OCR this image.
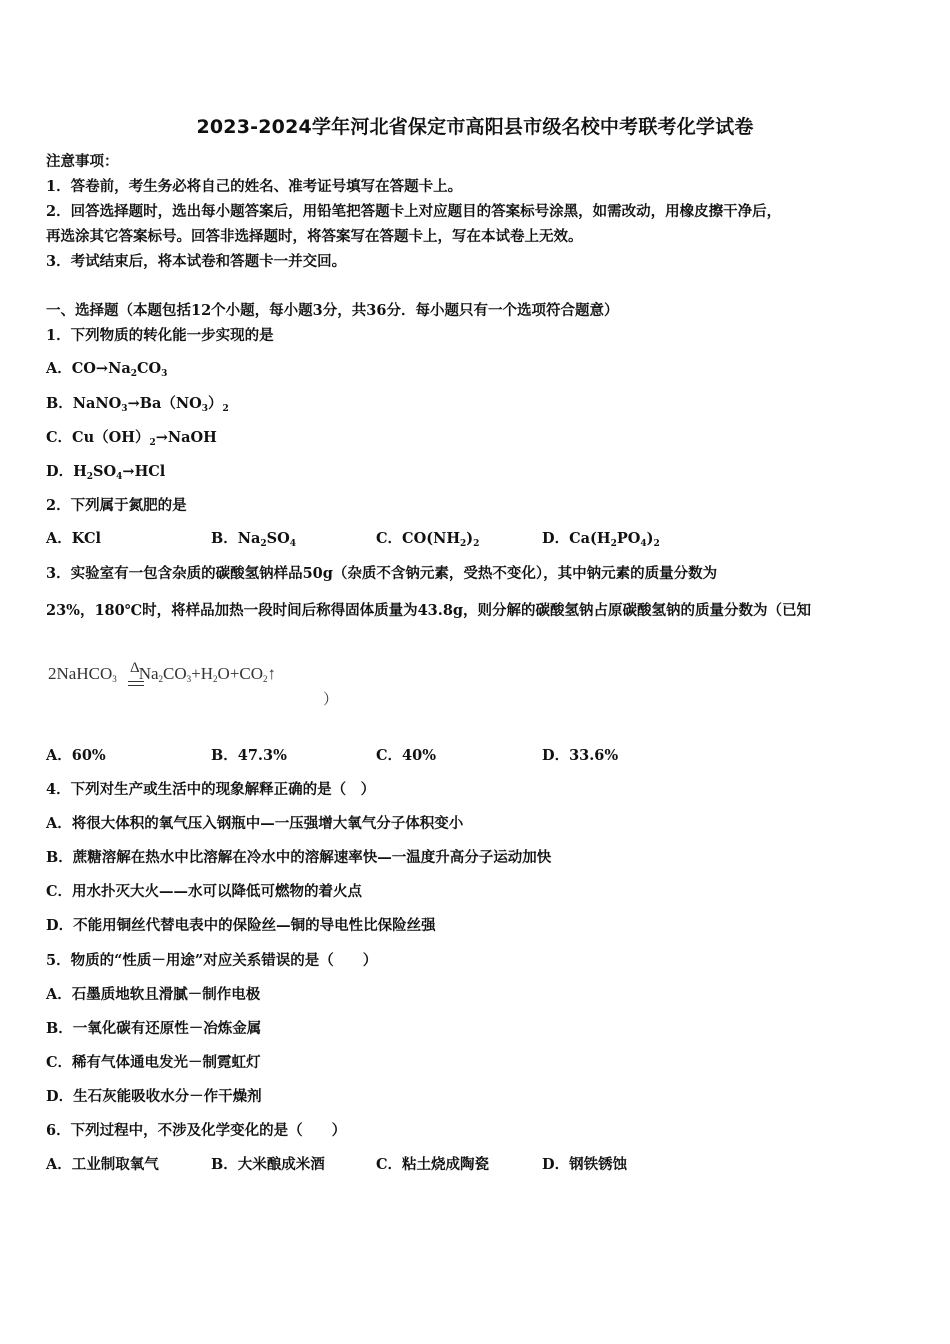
2023-2024学年河北省保定市高阳县市级名校中考联考化学试卷
注意事项：
1．答卷前，考生务必将自己的姓名、准考证号填写在答题卡上。
2．回答选择题时，选出每小题答案后，用铅笔把答题卡上对应题目的答案标号涂黑，如需改动，用橡皮擦干净后，
再选涂其它答案标号。回答非选择题时，将答案写在答题卡上，写在本试卷上无效。
3．考试结束后，将本试卷和答题卡一并交回。
一、选择题（本题包括12个小题，每小题3分，共36分．每小题只有一个选项符合题意）
1．下列物质的转化能一步实现的是
A．$CO\to Na_2CO_3$
B．$NaNO_3\to Ba(NO_3)_2$
C．$Cu(OH)_2\to NaOH$
D．$H_2SO_4\to HCl$
2．下列属于氮肥的是
A．KCl	B．$Na_2SO_4$	C．$CO(NH_2)_2$	D．$Ca(H_2PO_4)_2$
3．实验室有一包含杂质的碳酸氢钠样品50g（杂质不含钠元素，受热不变化），其中钠元素的质量分数为
23%，180℃时，将样品加热一段时间后称得固体质量为43.8g，则分解的碳酸氢钠占原碳酸氢钠的质量分数为（已知
2NaHCO$_3$ $Na_2CO_3+H_2O+CO_2↑$
Δ
）
A．60%	B．47.3%	C．40%	D．33.6%
4．下列对生产或生活中的现象解释正确的是（　）
A．将很大体积的氧气压入钢瓶中—一压强增大氧气分子体积变小
B．蔗糖溶解在热水中比溶解在冷水中的溶解速率快—一温度升高分子运动加快
C．用水扑灭大火——水可以降低可燃物的着火点
D．不能用铜丝代替电表中的保险丝—铜的导电性比保险丝强
5．物质的“性质－用途”对应关系错误的是（　　）
A．石墨质地软且滑腻－制作电极
B．一氧化碳有还原性－冶炼金属
C．稀有气体通电发光－制霓虹灯
D．生石灰能吸收水分－作干燥剂
6．下列过程中，不涉及化学变化的是（　　）
A．工业制取氧气	B．大米酿成米酒	C．粘土烧成陶瓷	D．钢铁锈蚀
